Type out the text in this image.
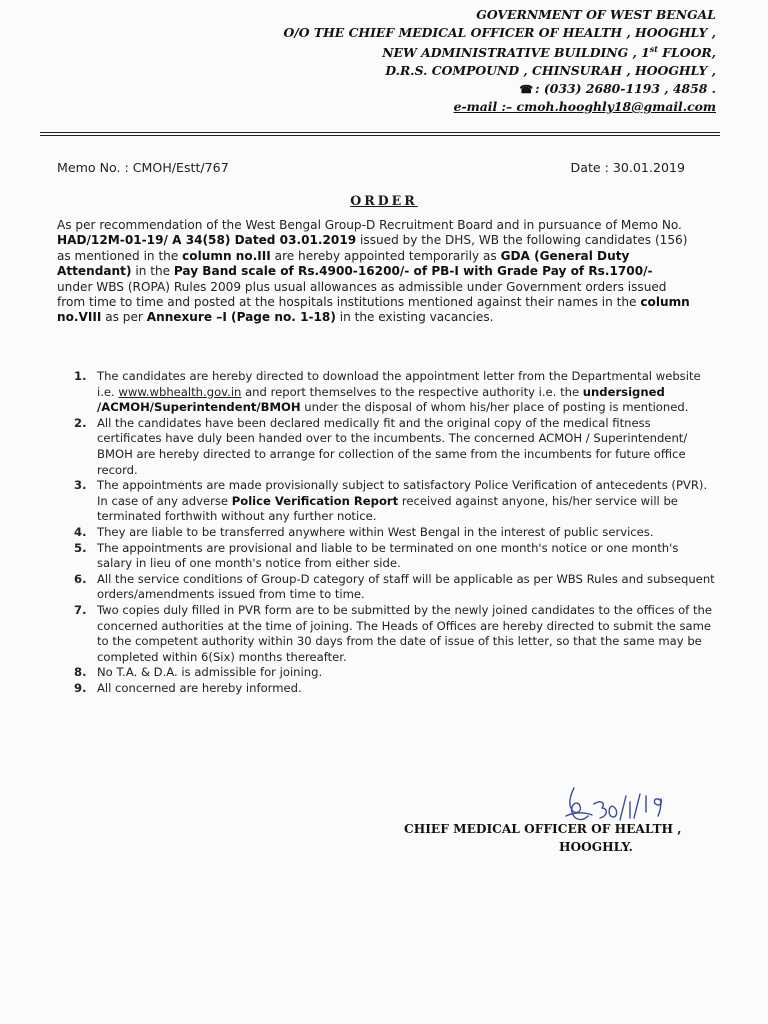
GOVERNMENT OF WEST BENGAL
O/O THE CHIEF MEDICAL OFFICER OF HEALTH , HOOGHLY ,
NEW ADMINISTRATIVE BUILDING , 1st FLOOR,
D.R.S. COMPOUND , CHINSURAH , HOOGHLY ,
☎ : (033) 2680-1193 , 4858 .
e-mail :– cmoh.hooghly18@gmail.com
Memo No. : CMOH/Estt/767	Date : 30.01.2019
ORDER
As per recommendation of the West Bengal Group-D Recruitment Board and in pursuance of Memo No. HAD/12M-01-19/ A 34(58) Dated 03.01.2019 issued by the DHS, WB the following candidates (156) as mentioned in the column no.III are hereby appointed temporarily as GDA (General Duty Attendant) in the Pay Band scale of Rs.4900-16200/- of PB-I with Grade Pay of Rs.1700/- under WBS (ROPA) Rules 2009 plus usual allowances as admissible under Government orders issued from time to time and posted at the hospitals institutions mentioned against their names in the column no.VIII as per Annexure –I (Page no. 1-18) in the existing vacancies.
1. The candidates are hereby directed to download the appointment letter from the Departmental website i.e. www.wbhealth.gov.in and report themselves to the respective authority i.e. the undersigned /ACMOH/Superintendent/BMOH under the disposal of whom his/her place of posting is mentioned.
2. All the candidates have been declared medically fit and the original copy of the medical fitness certificates have duly been handed over to the incumbents. The concerned ACMOH / Superintendent/ BMOH are hereby directed to arrange for collection of the same from the incumbents for future office record.
3. The appointments are made provisionally subject to satisfactory Police Verification of antecedents (PVR). In case of any adverse Police Verification Report received against anyone, his/her service will be terminated forthwith without any further notice.
4. They are liable to be transferred anywhere within West Bengal in the interest of public services.
5. The appointments are provisional and liable to be terminated on one month's notice or one month's salary in lieu of one month's notice from either side.
6. All the service conditions of Group-D category of staff will be applicable as per WBS Rules and subsequent orders/amendments issued from time to time.
7. Two copies duly filled in PVR form are to be submitted by the newly joined candidates to the offices of the concerned authorities at the time of joining. The Heads of Offices are hereby directed to submit the same to the competent authority within 30 days from the date of issue of this letter, so that the same may be completed within 6(Six) months thereafter.
8. No T.A. & D.A. is admissible for joining.
9. All concerned are hereby informed.
CHIEF MEDICAL OFFICER OF HEALTH ,
HOOGHLY.
